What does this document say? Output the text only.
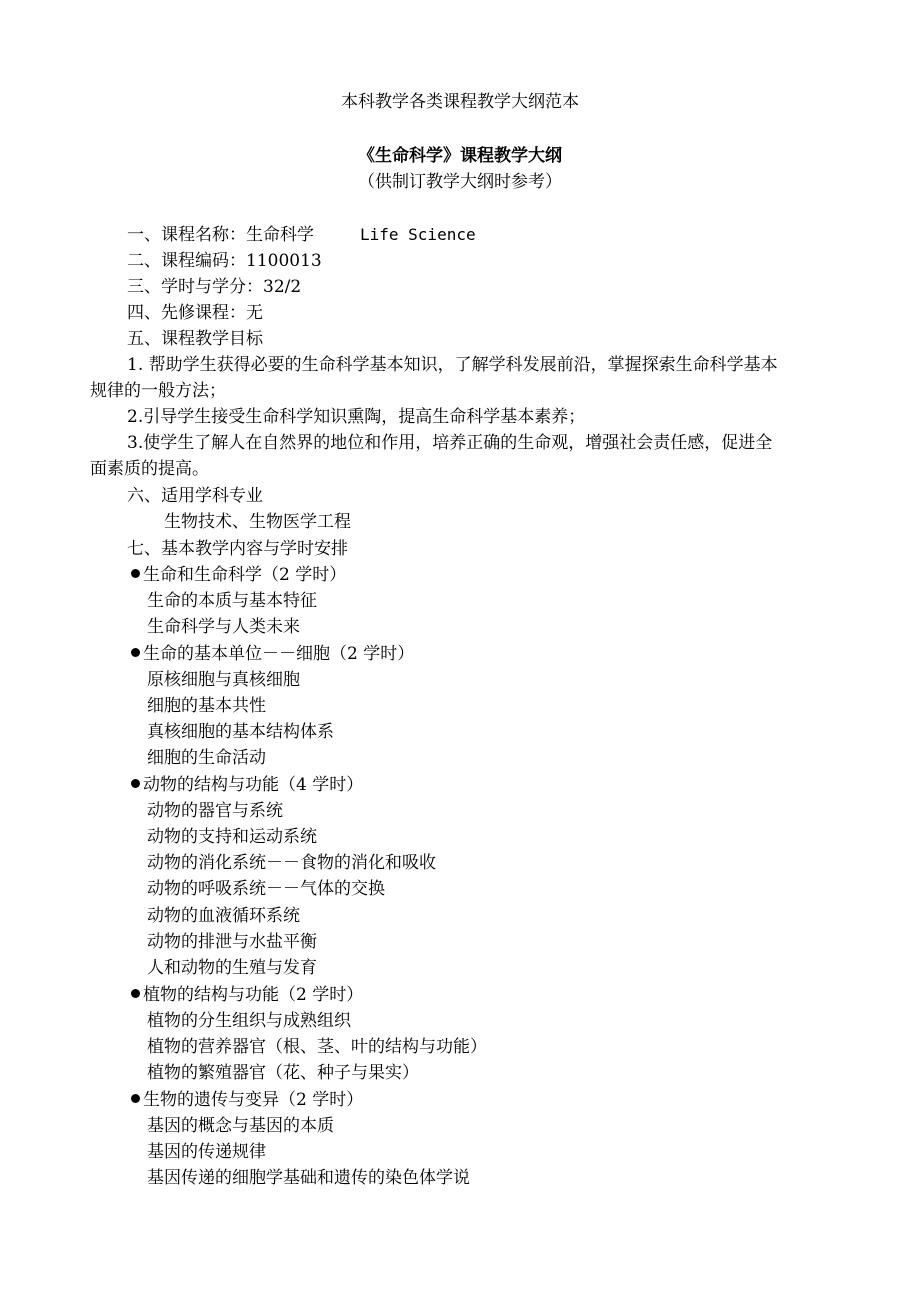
本科教学各类课程教学大纲范本
《生命科学》课程教学大纲
（供制订教学大纲时参考）
一、课程名称：生命科学	Life Science
二、课程编码：1100013
三、学时与学分：32/2
四、先修课程：无
五、课程教学目标
1. 帮助学生获得必要的生命科学基本知识，了解学科发展前沿，掌握探索生命科学基本
规律的一般方法；
2.引导学生接受生命科学知识熏陶，提高生命科学基本素养；
3.使学生了解人在自然界的地位和作用，培养正确的生命观，增强社会责任感，促进全
面素质的提高。
六、适用学科专业
生物技术、生物医学工程
七、基本教学内容与学时安排
生命和生命科学（2 学时）
生命的本质与基本特征
生命科学与人类未来
生命的基本单位－－细胞（2 学时）
原核细胞与真核细胞
细胞的基本共性
真核细胞的基本结构体系
细胞的生命活动
动物的结构与功能（4 学时）
动物的器官与系统
动物的支持和运动系统
动物的消化系统－－食物的消化和吸收
动物的呼吸系统－－气体的交换
动物的血液循环系统
动物的排泄与水盐平衡
人和动物的生殖与发育
植物的结构与功能（2 学时）
植物的分生组织与成熟组织
植物的营养器官（根、茎、叶的结构与功能）
植物的繁殖器官（花、种子与果实）
生物的遗传与变异（2 学时）
基因的概念与基因的本质
基因的传递规律
基因传递的细胞学基础和遗传的染色体学说
